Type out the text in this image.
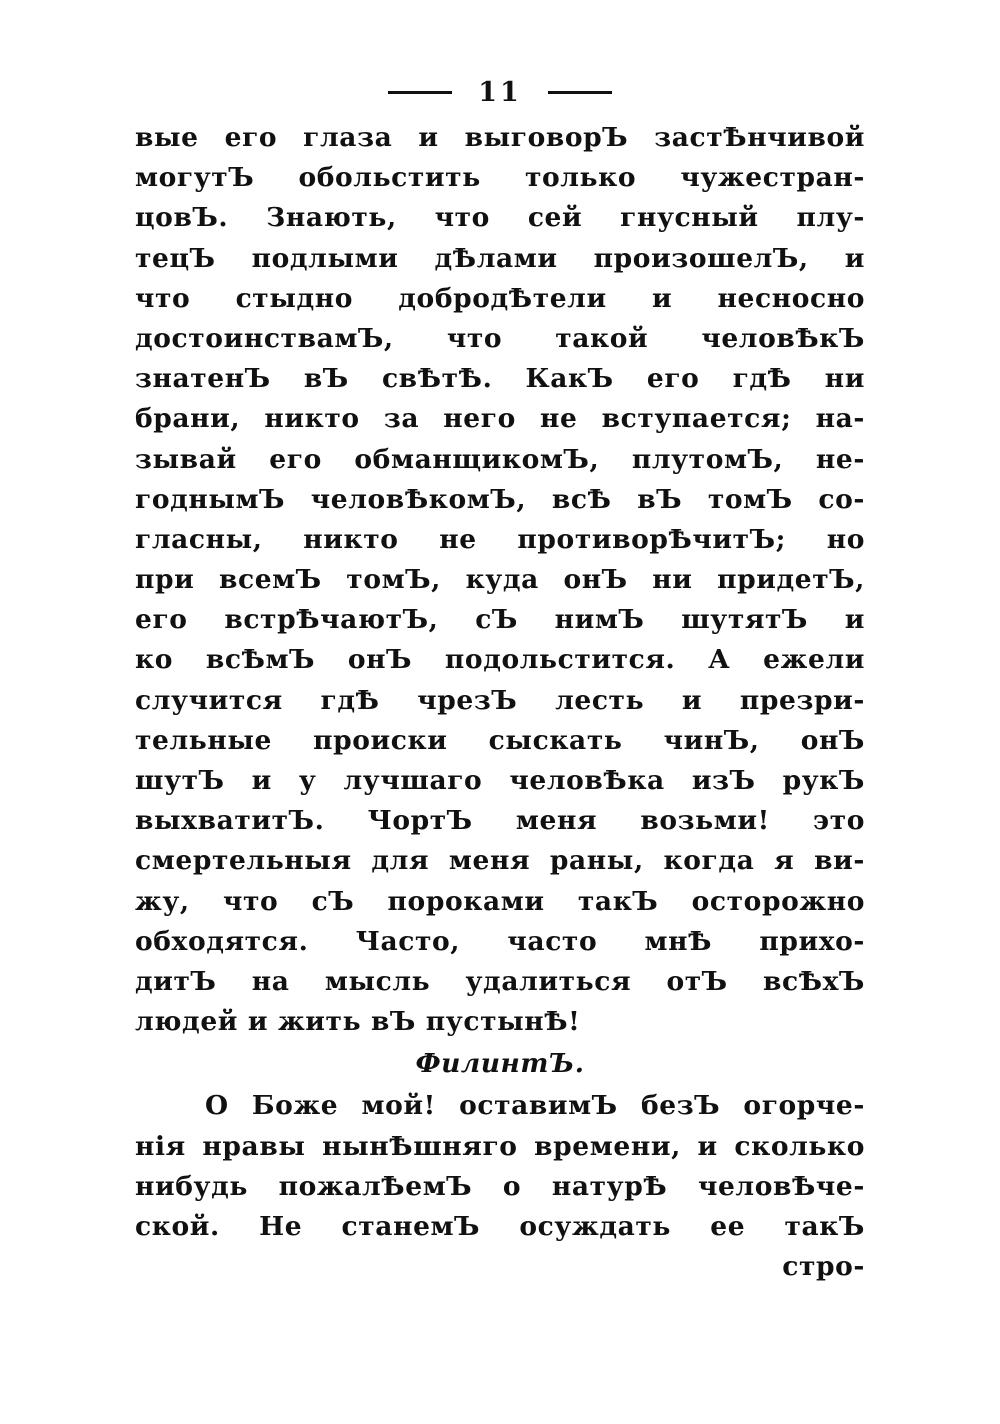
11
вые его глаза и выговорЪ застѢнчивой
могутЪ обольстить только чужестран-
цовЪ. Знають, что сей гнусный плу-
тецЪ подлыми дѢлами произошелЪ, и
что стыдно добродѢтели и несносно
достоинствамЪ, что такой человѢкЪ
знатенЪ вЪ свѢтѢ. КакЪ его гдѢ ни
брани, никто за него не вступается; на-
зывай его обманщикомЪ, плутомЪ, не-
годнымЪ человѢкомЪ, всѢ вЪ томЪ со-
гласны, никто не противорѢчитЪ; но
при всемЪ томЪ, куда онЪ ни придетЪ,
его встрѢчаютЪ, сЪ нимЪ шутятЪ и
ко всѢмЪ онЪ подольстится. А ежели
случится гдѢ чрезЪ лесть и презри-
тельные происки сыскать чинЪ, онЪ
шутЪ и у лучшаго человѢка изЪ рукЪ
выхватитЪ. ЧортЪ меня возьми! это
смертельныя для меня раны, когда я ви-
жу, что сЪ пороками такЪ осторожно
обходятся. Часто, часто мнѢ прихо-
дитЪ на мысль удалиться отЪ всѢхЪ
людей и жить вЪ пустынѢ!
ФилинтЪ.
О Боже мой! оставимЪ безЪ огорче-
нія нравы нынѢшняго времени, и сколько
нибудь пожалѢемЪ о натурѢ человѢче-
ской. Не станемЪ осуждать ее такЪ
стро-
